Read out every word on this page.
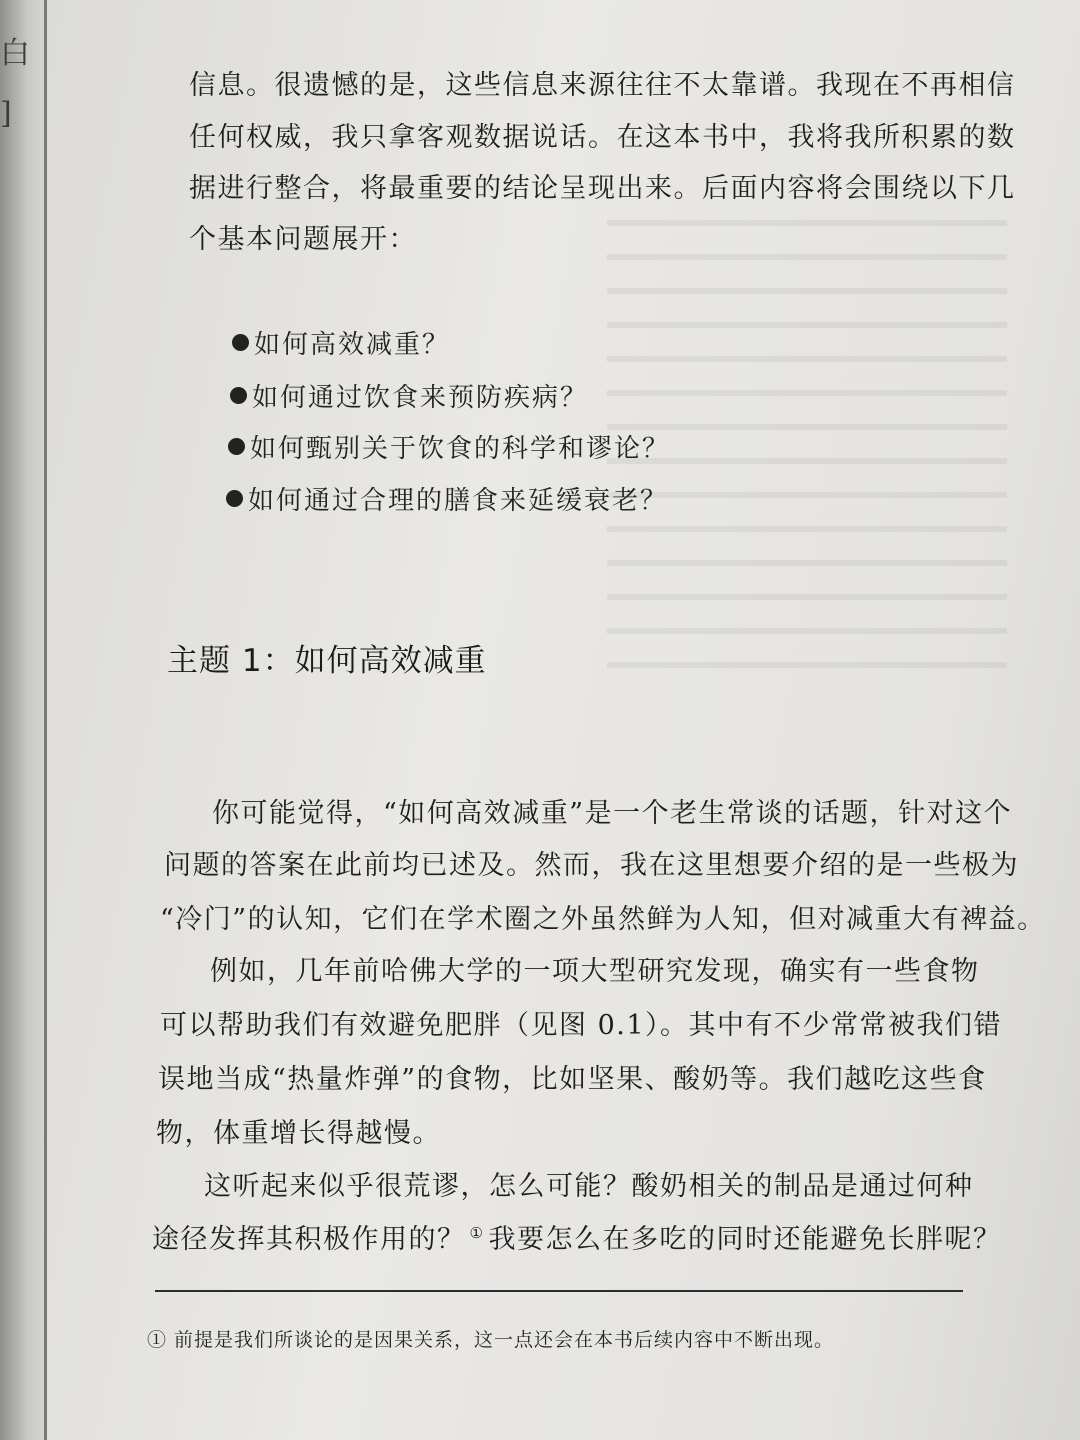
白
]
信息。很遗憾的是，这些信息来源往往不太靠谱。我现在不再相信
任何权威，我只拿客观数据说话。在这本书中，我将我所积累的数
据进行整合，将最重要的结论呈现出来。后面内容将会围绕以下几
个基本问题展开：
如何高效减重？
如何通过饮食来预防疾病？
如何甄别关于饮食的科学和谬论？
如何通过合理的膳食来延缓衰老？
主题 1：如何高效减重
你可能觉得，“如何高效减重”是一个老生常谈的话题，针对这个
问题的答案在此前均已述及。然而，我在这里想要介绍的是一些极为
“冷门”的认知，它们在学术圈之外虽然鲜为人知，但对减重大有裨益。
例如，几年前哈佛大学的一项大型研究发现，确实有一些食物
可以帮助我们有效避免肥胖（见图 0.1）。其中有不少常常被我们错
误地当成“热量炸弹”的食物，比如坚果、酸奶等。我们越吃这些食
物，体重增长得越慢。
这听起来似乎很荒谬，怎么可能？酸奶相关的制品是通过何种
途径发挥其积极作用的？ ① 我要怎么在多吃的同时还能避免长胖呢？
① 前提是我们所谈论的是因果关系，这一点还会在本书后续内容中不断出现。
